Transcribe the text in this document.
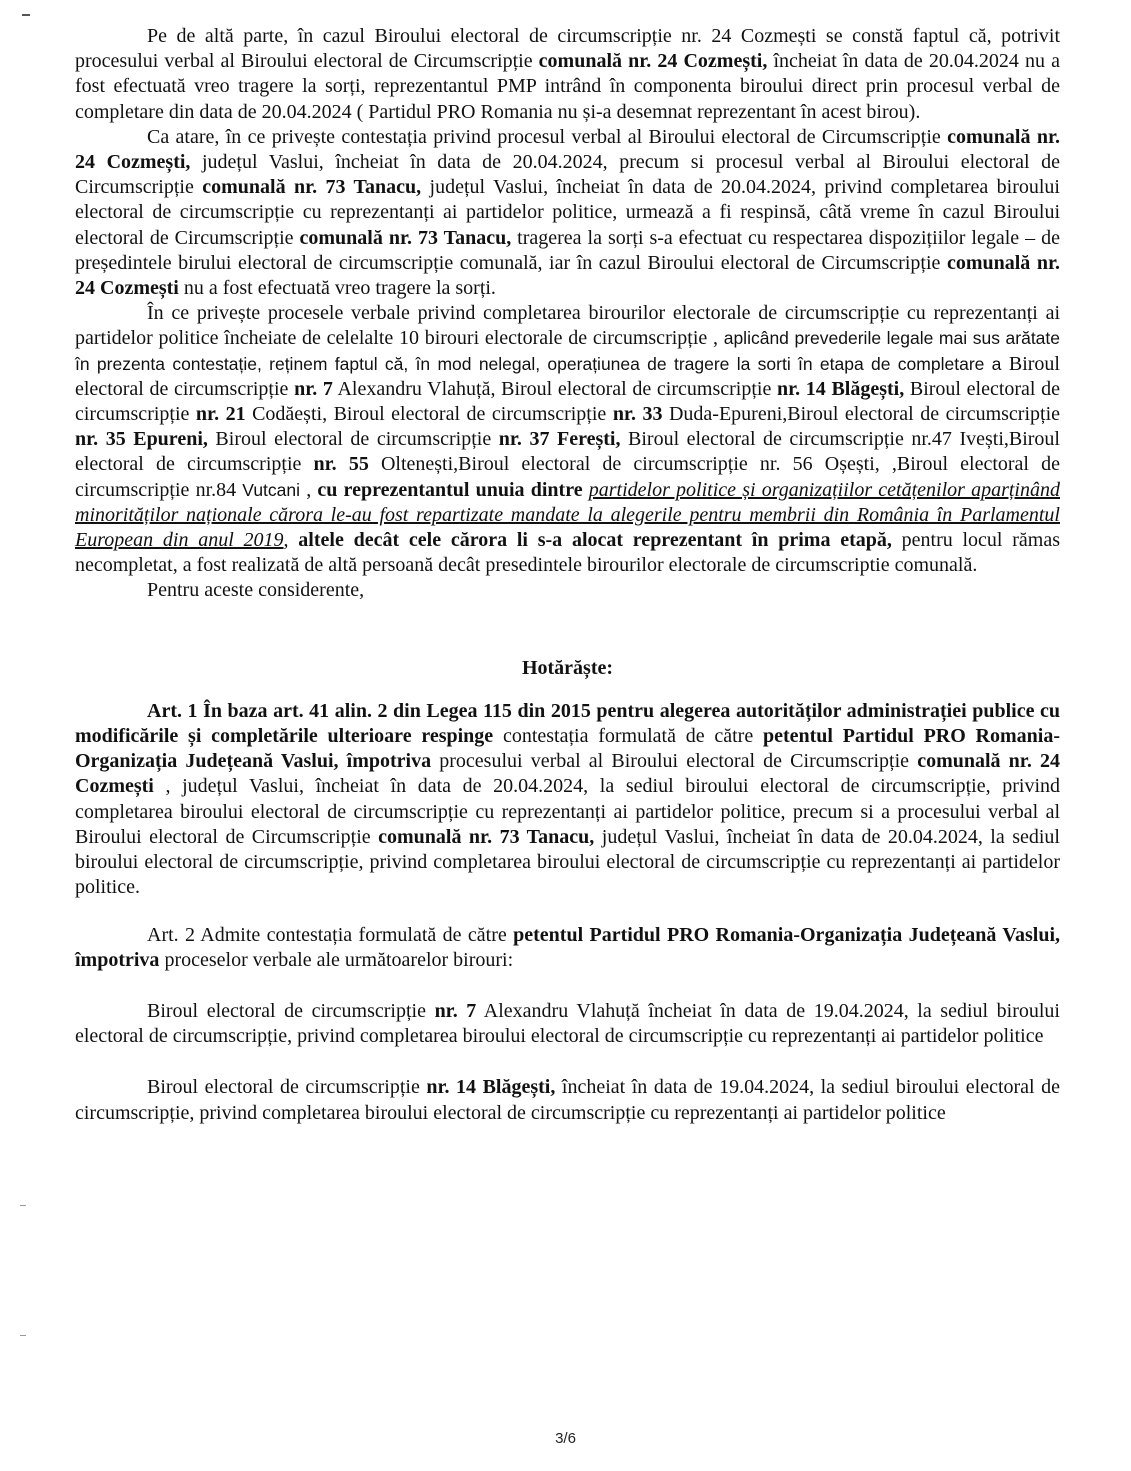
Pe de altă parte, în cazul Biroului electoral de circumscripție nr. 24 Cozmești se constă faptul că, potrivit procesului verbal al Biroului electoral de Circumscripție comunală nr. 24 Cozmești, încheiat în data de 20.04.2024 nu a fost efectuată vreo tragere la sorți, reprezentantul PMP intrând în componenta biroului direct prin procesul verbal de completare din data de 20.04.2024 ( Partidul PRO Romania nu și-a desemnat reprezentant în acest birou).

Ca atare, în ce privește contestația privind procesul verbal al Biroului electoral de Circumscripție comunală nr. 24 Cozmești, județul Vaslui, încheiat în data de 20.04.2024, precum si procesul verbal al Biroului electoral de Circumscripție comunală nr. 73 Tanacu, județul Vaslui, încheiat în data de 20.04.2024, privind completarea biroului electoral de circumscripție cu reprezentanți ai partidelor politice, urmează a fi respinsă, câtă vreme în cazul Biroului electoral de Circumscripție comunală nr. 73 Tanacu, tragerea la sorți s-a efectuat cu respectarea dispozițiilor legale – de președintele birului electoral de circumscripție comunală, iar în cazul Biroului electoral de Circumscripție comunală nr. 24 Cozmești nu a fost efectuată vreo tragere la sorți.

În ce privește procesele verbale privind completarea birourilor electorale de circumscripție cu reprezentanți ai partidelor politice încheiate de celelalte 10 birouri electorale de circumscripție , aplicând prevederile legale mai sus arătate în prezenta contestație, reținem faptul că, în mod nelegal, operațiunea de tragere la sorti în etapa de completare a Biroul electoral de circumscripție nr. 7 Alexandru Vlahuță, Biroul electoral de circumscripție nr. 14 Blăgești, Biroul electoral de circumscripție nr. 21 Codăești, Biroul electoral de circumscripție nr. 33 Duda-Epureni,Biroul electoral de circumscripție nr. 35 Epureni, Biroul electoral de circumscripție nr. 37 Ferești, Biroul electoral de circumscripție nr.47 Ivești,Biroul electoral de circumscripție nr. 55 Oltenești,Biroul electoral de circumscripție nr. 56 Oșești, ,Biroul electoral de circumscripție nr.84 Vutcani , cu reprezentantul unuia dintre partidelor politice și organizațiilor cetățenilor aparținând minorităților naționale cărora le-au fost repartizate mandate la alegerile pentru membrii din România în Parlamentul European din anul 2019, altele decât cele cărora li s-a alocat reprezentant în prima etapă, pentru locul rămas necompletat, a fost realizată de altă persoană decât presedintele birourilor electorale de circumscriptie comunală.

Pentru aceste considerente,

Hotărăște:

Art. 1 În baza art. 41 alin. 2 din Legea 115 din 2015 pentru alegerea autorităților administrației publice cu modificările și completările ulterioare respinge contestația formulată de către petentul Partidul PRO Romania-Organizația Județeană Vaslui, împotriva procesului verbal al Biroului electoral de Circumscripție comunală nr. 24 Cozmești , județul Vaslui, încheiat în data de 20.04.2024, la sediul biroului electoral de circumscripție, privind completarea biroului electoral de circumscripție cu reprezentanți ai partidelor politice, precum si a procesului verbal al Biroului electoral de Circumscripție comunală nr. 73 Tanacu, județul Vaslui, încheiat în data de 20.04.2024, la sediul biroului electoral de circumscripție, privind completarea biroului electoral de circumscripție cu reprezentanți ai partidelor politice.

Art. 2 Admite contestația formulată de către petentul Partidul PRO Romania-Organizația Județeană Vaslui, împotriva proceselor verbale ale următoarelor birouri:

Biroul electoral de circumscripție nr. 7 Alexandru Vlahuță încheiat în data de 19.04.2024, la sediul biroului electoral de circumscripție, privind completarea biroului electoral de circumscripție cu reprezentanți ai partidelor politice

Biroul electoral de circumscripție nr. 14 Blăgești, încheiat în data de 19.04.2024, la sediul biroului electoral de circumscripție, privind completarea biroului electoral de circumscripție cu reprezentanți ai partidelor politice

3/6
